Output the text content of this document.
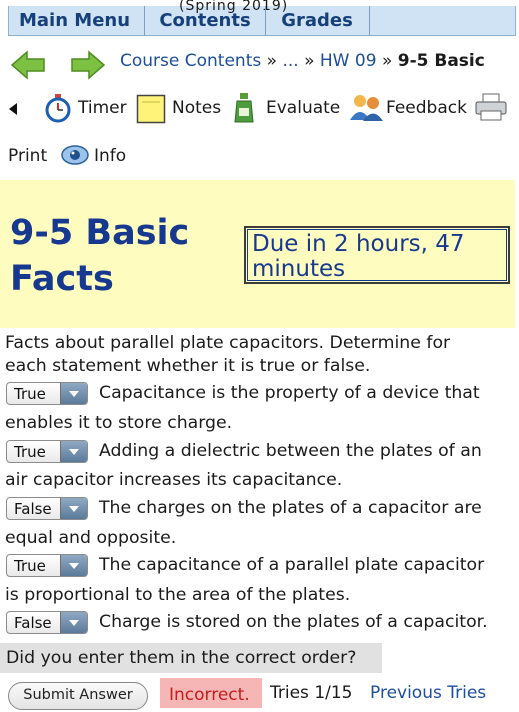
(Spring 2019)
Main Menu	Contents	Grades
Course Contents » ... » HW 09 » 9-5 Basic
Timer	Notes	Evaluate	Feedback
Print	Info
9-5 Basic
Facts
Due in 2 hours, 47 minutes
Facts about parallel plate capacitors. Determine for
each statement whether it is true or false.
True	Capacitance is the property of a device that
enables it to store charge.
True	Adding a dielectric between the plates of an
air capacitor increases its capacitance.
False	The charges on the plates of a capacitor are
equal and opposite.
True	The capacitance of a parallel plate capacitor
is proportional to the area of the plates.
False	Charge is stored on the plates of a capacitor.
Did you enter them in the correct order?
Submit Answer	Incorrect.	Tries 1/15 Previous Tries
